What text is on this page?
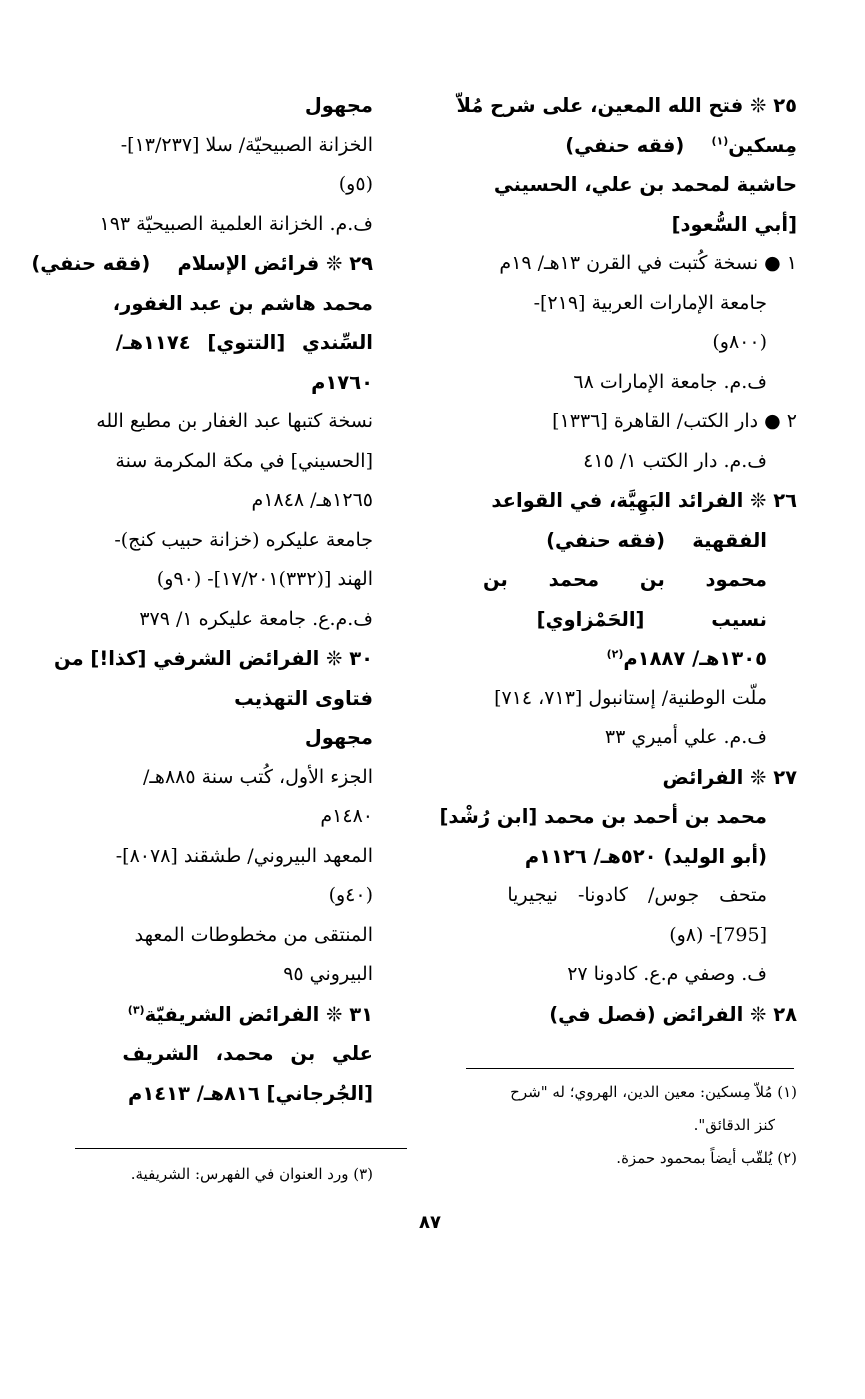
٢٥ ❊ فتح الله المعين، على شرح مُلاّ
مِسكين$^{(١)}$    (فقه حنفي)
حاشية لمحمد بن علي، الحسيني
[أبي السُّعود]
١ ● نسخة كُتبت في القرن ١٣هـ/ ١٩م
جامعة الإمارات العربية [٢١٩]-
(٨٠٠و)
ف.م. جامعة الإمارات ٦٨
٢ ● دار الكتب/ القاهرة [١٣٣٦]
ف.م. دار الكتب ١/ ٤١٥
٢٦ ❊ الفرائد البَهِيَّة، في القواعد
الفقهية    (فقه حنفي)
محمود بن محمد بن
نسيب [الحَمْزاوي]
١٣٠٥هـ/ ١٨٨٧م$^{(٢)}$
ملّت الوطنية/ إستانبول [٧١٣، ٧١٤]
ف.م. علي أميري ٣٣
٢٧ ❊ الفرائض
محمد بن أحمد بن محمد [ابن رُشْد]
(أبو الوليد) ٥٢٠هـ/ ١١٢٦م
متحف جوس/ كادونا- نيجيريا
[795]- (٨و)
ف. وصفي م.ع. كادونا ٢٧
٢٨ ❊ الفرائض (فصل في)
مجهول
الخزانة الصبيحيّة/ سلا [١٣/٢٣٧]-
(٥و)
ف.م. الخزانة العلمية الصبيحيّة ١٩٣
٢٩ ❊ فرائض الإسلام    (فقه حنفي)
محمد هاشم بن عبد الغفور،
السِّندي [التتوي] ١١٧٤هـ/
١٧٦٠م
نسخة كتبها عبد الغفار بن مطيع الله
[الحسيني] في مكة المكرمة سنة
١٢٦٥هـ/ ١٨٤٨م
جامعة عليكره (خزانة حبيب كنج)-
الهند [(٣٣٢)١٧/٢٠١]- (٩٠و)
ف.م.ع. جامعة عليكره ١/ ٣٧٩
٣٠ ❊ الفرائض الشرفي [كذا!] من
فتاوى التهذيب
مجهول
الجزء الأول، كُتب سنة ٨٨٥هـ/
١٤٨٠م
المعهد البيروني/ طشقند [٨٠٧٨]-
(٤٠و)
المنتقى من مخطوطات المعهد
البيروني ٩٥
٣١ ❊ الفرائض الشريفيّة$^{(٣)}$
علي بن محمد، الشريف
[الجُرجاني] ٨١٦هـ/ ١٤١٣م	(١) مُلاّ مِسكين: معين الدين، الهروي؛ له "شرح
كنز الدقائق".
(٢) يُلقّب أيضاً بمحمود حمزة.
(٣) ورد العنوان في الفهرس: الشريفية.
٨٧
